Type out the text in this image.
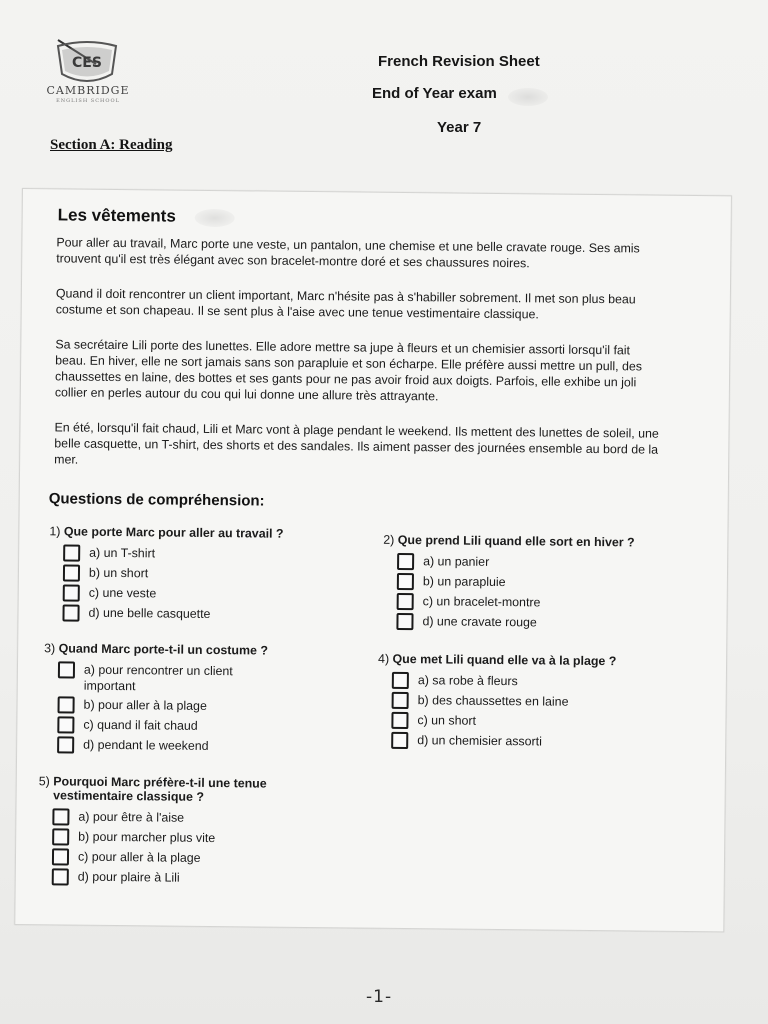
CES
CAMBRIDGE
ENGLISH SCHOOL
French Revision Sheet
End of Year exam
Year 7
Section A: Reading
Les vêtements
Pour aller au travail, Marc porte une veste, un pantalon, une chemise et une belle cravate rouge. Ses amis trouvent qu'il est très élégant avec son bracelet-montre doré et ses chaussures noires.
Quand il doit rencontrer un client important, Marc n'hésite pas à s'habiller sobrement. Il met son plus beau costume et son chapeau. Il se sent plus à l'aise avec une tenue vestimentaire classique.
Sa secrétaire Lili porte des lunettes. Elle adore mettre sa jupe à fleurs et un chemisier assorti lorsqu'il fait beau. En hiver, elle ne sort jamais sans son parapluie et son écharpe. Elle préfère aussi mettre un pull, des chaussettes en laine, des bottes et ses gants pour ne pas avoir froid aux doigts. Parfois, elle exhibe un joli collier en perles autour du cou qui lui donne une allure très attrayante.
En été, lorsqu'il fait chaud, Lili et Marc vont à plage pendant le weekend. Ils mettent des lunettes de soleil, une belle casquette, un T-shirt, des shorts et des sandales. Ils aiment passer des journées ensemble au bord de la mer.
Questions de compréhension:
1) Que porte Marc pour aller au travail ?
a) un T-shirt
b) un short
c) une veste
d) une belle casquette
2) Que prend Lili quand elle sort en hiver ?
a) un panier
b) un parapluie
c) un bracelet-montre
d) une cravate rouge
3) Quand Marc porte-t-il un costume ?
a) pour rencontrer un client important
b) pour aller à la plage
c) quand il fait chaud
d) pendant le weekend
4) Que met Lili quand elle va à la plage ?
a) sa robe à fleurs
b) des chaussettes en laine
c) un short
d) un chemisier assorti
5) Pourquoi Marc préfère-t-il une tenue vestimentaire classique ?
a) pour être à l'aise
b) pour marcher plus vite
c) pour aller à la plage
d) pour plaire à Lili
-1-
